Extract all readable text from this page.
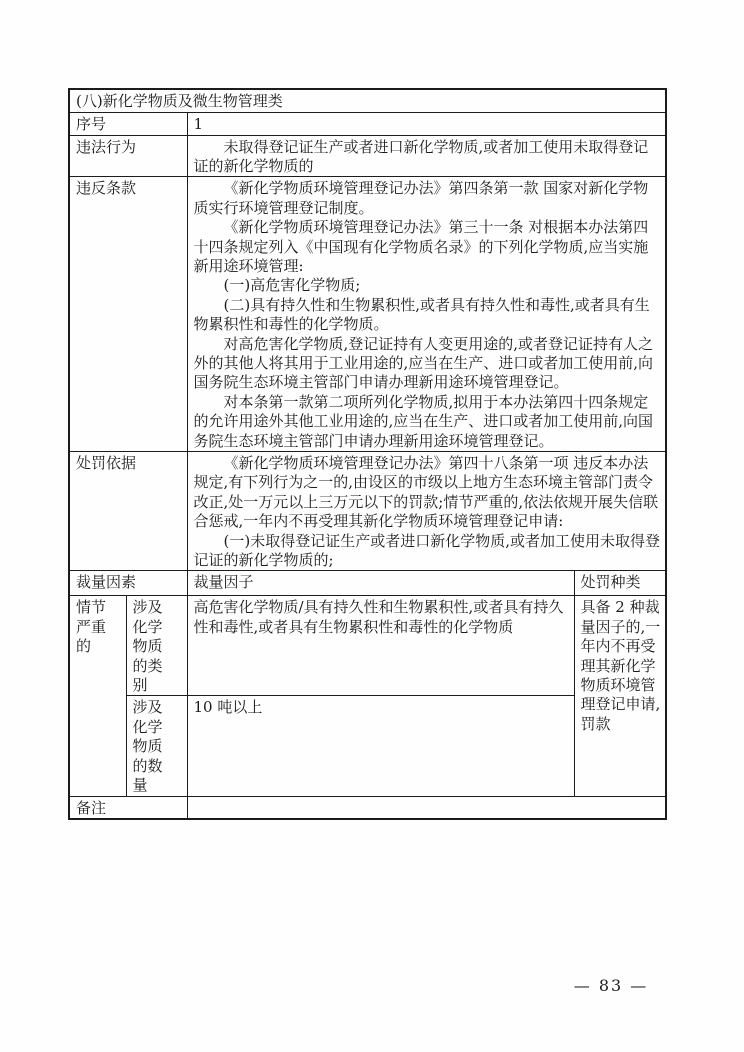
(八)新化学物质及微生物管理类			
序号		1	
违法行为		未取得登记证生产或者进口新化学物质,或者加工使用未取得登记证的新化学物质的	

违反条款	《新化学物质环境管理登记办法》第四条第一款 国家对新化学物质实行环境管理登记制度。

《新化学物质环境管理登记办法》第三十一条 对根据本办法第四十四条规定列入《中国现有化学物质名录》的下列化学物质,应当实施新用途环境管理:

(一)高危害化学物质;

(二)具有持久性和生物累积性,或者具有持久性和毒性,或者具有生物累积性和毒性的化学物质。

对高危害化学物质,登记证持有人变更用途的,或者登记证持有人之外的其他人将其用于工业用途的,应当在生产、进口或者加工使用前,向国务院生态环境主管部门申请办理新用途环境管理登记。

对本条第一款第二项所列化学物质,拟用于本办法第四十四条规定的允许用途外其他工业用途的,应当在生产、进口或者加工使用前,向国务院生态环境主管部门申请办理新用途环境管理登记。

处罚依据		《新化学物质环境管理登记办法》第四十八条第一项 违反本办法规定,有下列行为之一的,由设区的市级以上地方生态环境主管部门责令改正,处一万元以上三万元以下的罚款;情节严重的,依法依规开展失信联合惩戒,一年内不再受理其新化学物质环境管理登记申请:

(一)未取得登记证生产或者进口新化学物质,或者加工使用未取得登记证的新化学物质的;	

裁量因素		裁量因子	处罚种类
情节严重的	涉及化学物质的类别	高危害化学物质/具有持久性和生物累积性,或者具有持久性和毒性,或者具有生物累积性和毒性的化学物质	具备 2 种裁量因子的,一年内不再受理其新化学物质环境管理登记申请,罚款
	涉及化学物质的数量	10 吨以上	
备注			
— 83 —
